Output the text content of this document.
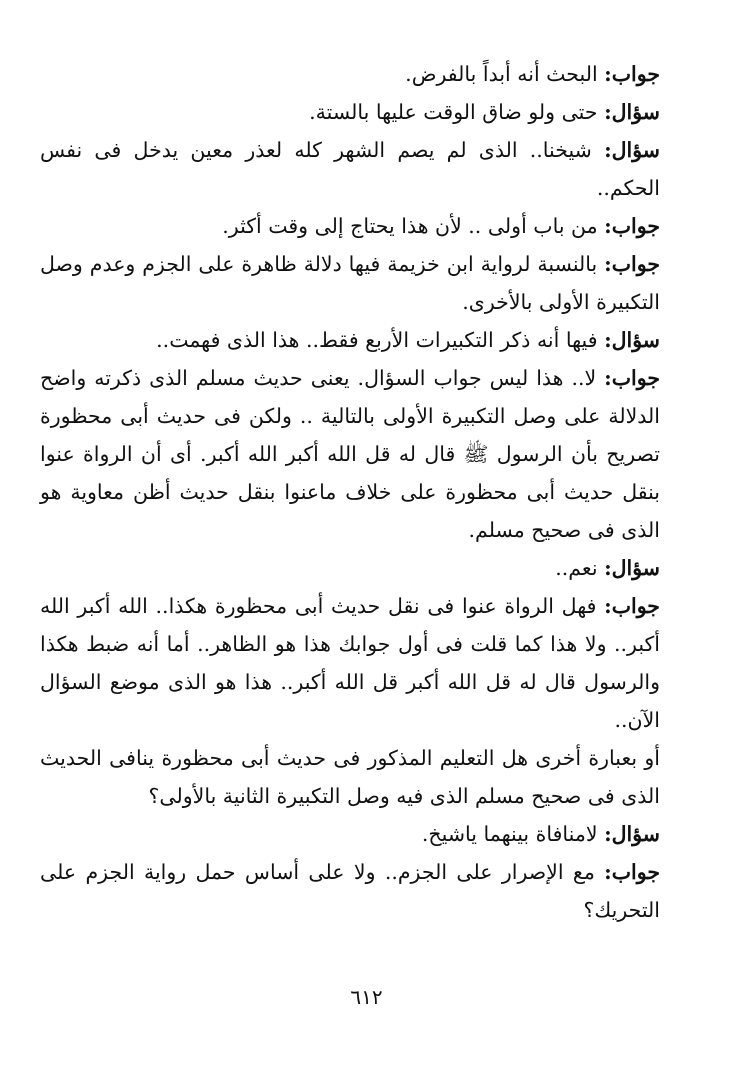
جواب: البحث أنه أبداً بالفرض.

سؤال: حتى ولو ضاق الوقت عليها بالستة.

سؤال: شيخنا.. الذى لم يصم الشهر كله لعذر معين يدخل فى نفس الحكم..

جواب: من باب أولى .. لأن هذا يحتاج إلى وقت أكثر.

جواب: بالنسبة لرواية ابن خزيمة فيها دلالة ظاهرة على الجزم وعدم وصل التكبيرة الأولى بالأخرى.

سؤال: فيها أنه ذكر التكبيرات الأربع فقط.. هذا الذى فهمت..

جواب: لا.. هذا ليس جواب السؤال. يعنى حديث مسلم الذى ذكرته واضح الدلالة على وصل التكبيرة الأولى بالتالية .. ولكن فى حديث أبى محظورة تصريح بأن الرسول ﷺ قال له قل الله أكبر الله أكبر. أى أن الرواة عنوا بنقل حديث أبى محظورة على خلاف ماعنوا بنقل حديث أظن معاوية هو الذى فى صحيح مسلم.

سؤال: نعم..

جواب: فهل الرواة عنوا فى نقل حديث أبى محظورة هكذا.. الله أكبر الله أكبر.. ولا هذا كما قلت فى أول جوابك هذا هو الظاهر.. أما أنه ضبط هكذا والرسول قال له قل الله أكبر قل الله أكبر.. هذا هو الذى موضع السؤال الآن..

أو بعبارة أخرى هل التعليم المذكور فى حديث أبى محظورة ينافى الحديث الذى فى صحيح مسلم الذى فيه وصل التكبيرة الثانية بالأولى؟

سؤال: لامنافاة بينهما ياشيخ.

جواب: مع الإصرار على الجزم.. ولا على أساس حمل رواية الجزم على التحريك؟

٦١٢
